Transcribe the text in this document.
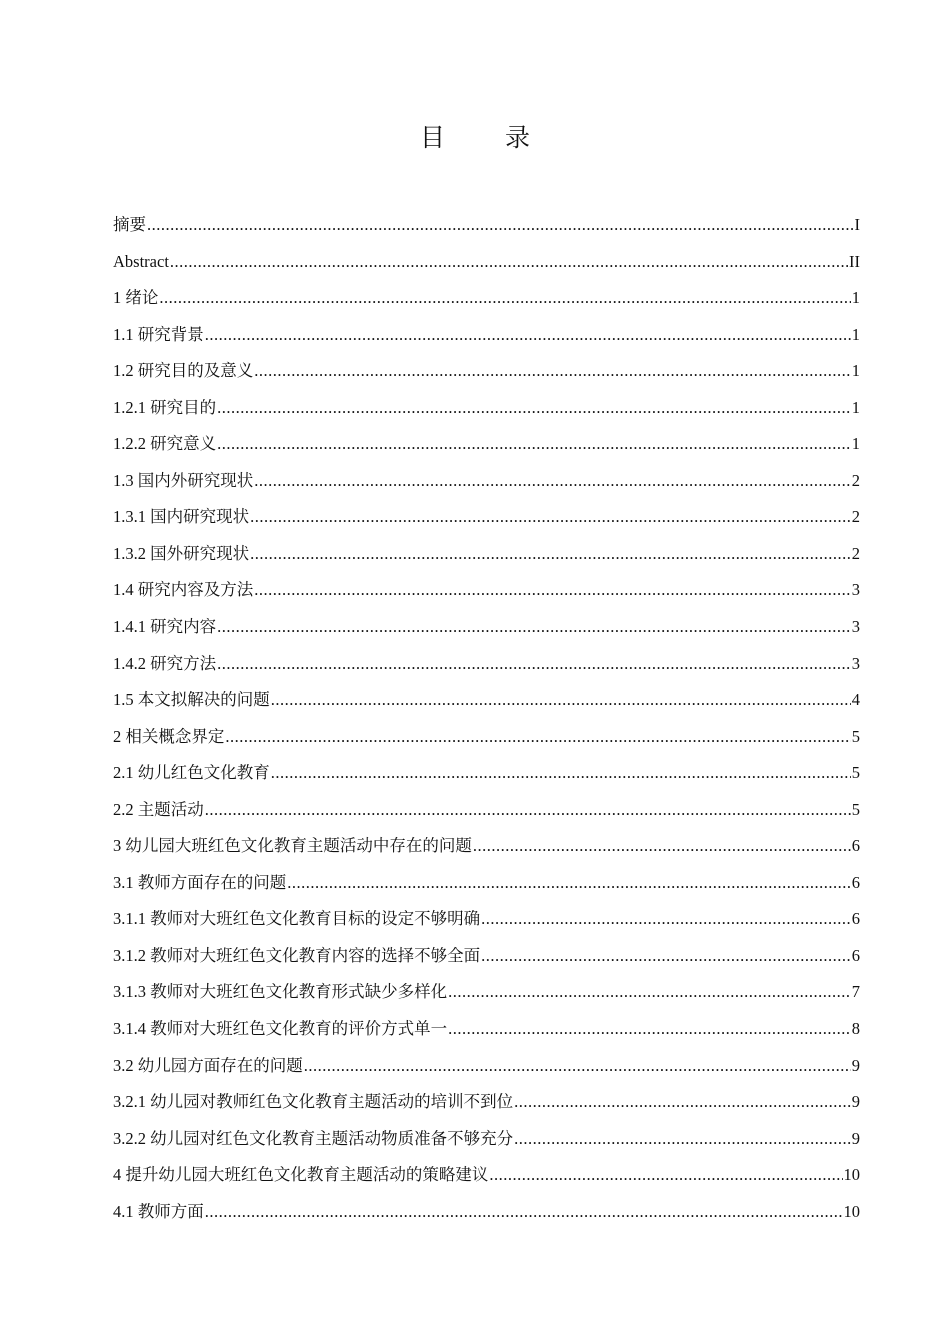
目 录
摘要 .....	I
Abstract .....	II
1 绪论 .....	1
1.1 研究背景 .....	1
1.2 研究目的及意义 .....	1
1.2.1 研究目的 .....	1
1.2.2 研究意义 .....	1
1.3 国内外研究现状 .....	2
1.3.1 国内研究现状 .....	2
1.3.2 国外研究现状 .....	2
1.4 研究内容及方法 .....	3
1.4.1 研究内容 .....	3
1.4.2 研究方法 .....	3
1.5 本文拟解决的问题 .....	4
2 相关概念界定 .....	5
2.1 幼儿红色文化教育 .....	5
2.2 主题活动 .....	5
3 幼儿园大班红色文化教育主题活动中存在的问题 .....	6
3.1 教师方面存在的问题 .....	6
3.1.1 教师对大班红色文化教育目标的设定不够明确 .....	6
3.1.2 教师对大班红色文化教育内容的选择不够全面 .....	6
3.1.3 教师对大班红色文化教育形式缺少多样化 .....	7
3.1.4 教师对大班红色文化教育的评价方式单一 .....	8
3.2 幼儿园方面存在的问题 .....	9
3.2.1 幼儿园对教师红色文化教育主题活动的培训不到位 .....	9
3.2.2 幼儿园对红色文化教育主题活动物质准备不够充分 .....	9
4 提升幼儿园大班红色文化教育主题活动的策略建议 .....	10
4.1 教师方面 .....	10
